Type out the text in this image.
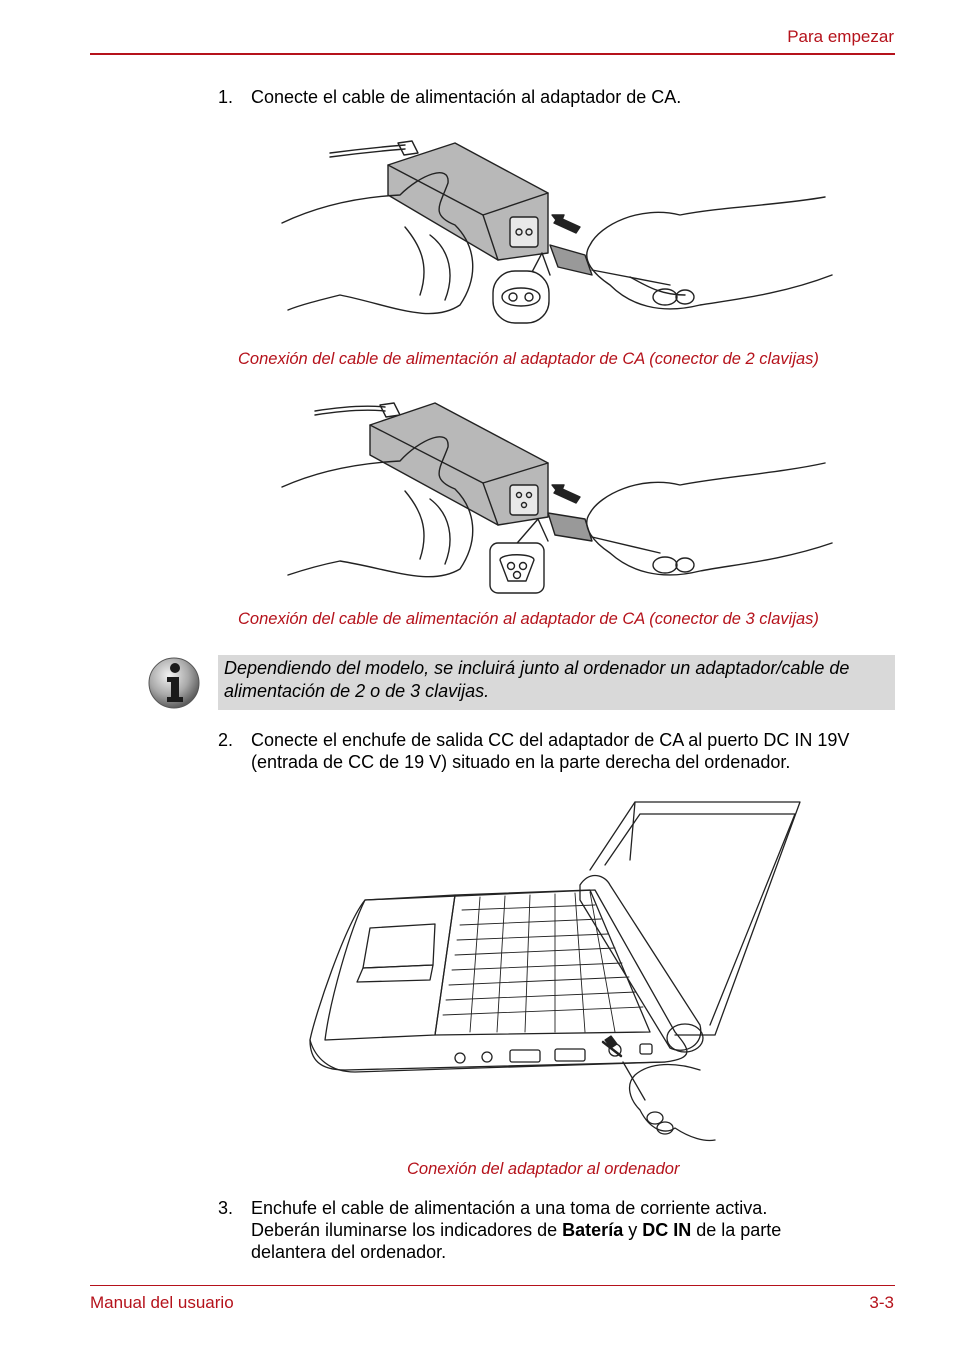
Para empezar
1. Conecte el cable de alimentación al adaptador de CA.
Conexión del cable de alimentación al adaptador de CA (conector de 2 clavijas)
Conexión del cable de alimentación al adaptador de CA (conector de 3 clavijas)
Dependiendo del modelo, se incluirá junto al ordenador un adaptador/cable de alimentación de 2 o de 3 clavijas.
2. Conecte el enchufe de salida CC del adaptador de CA al puerto DC IN 19V (entrada de CC de 19 V) situado en la parte derecha del ordenador.
Conexión del adaptador al ordenador
3. Enchufe el cable de alimentación a una toma de corriente activa.
Deberán iluminarse los indicadores de Batería y DC IN de la parte
delantera del ordenador.
Manual del usuario	3-3
